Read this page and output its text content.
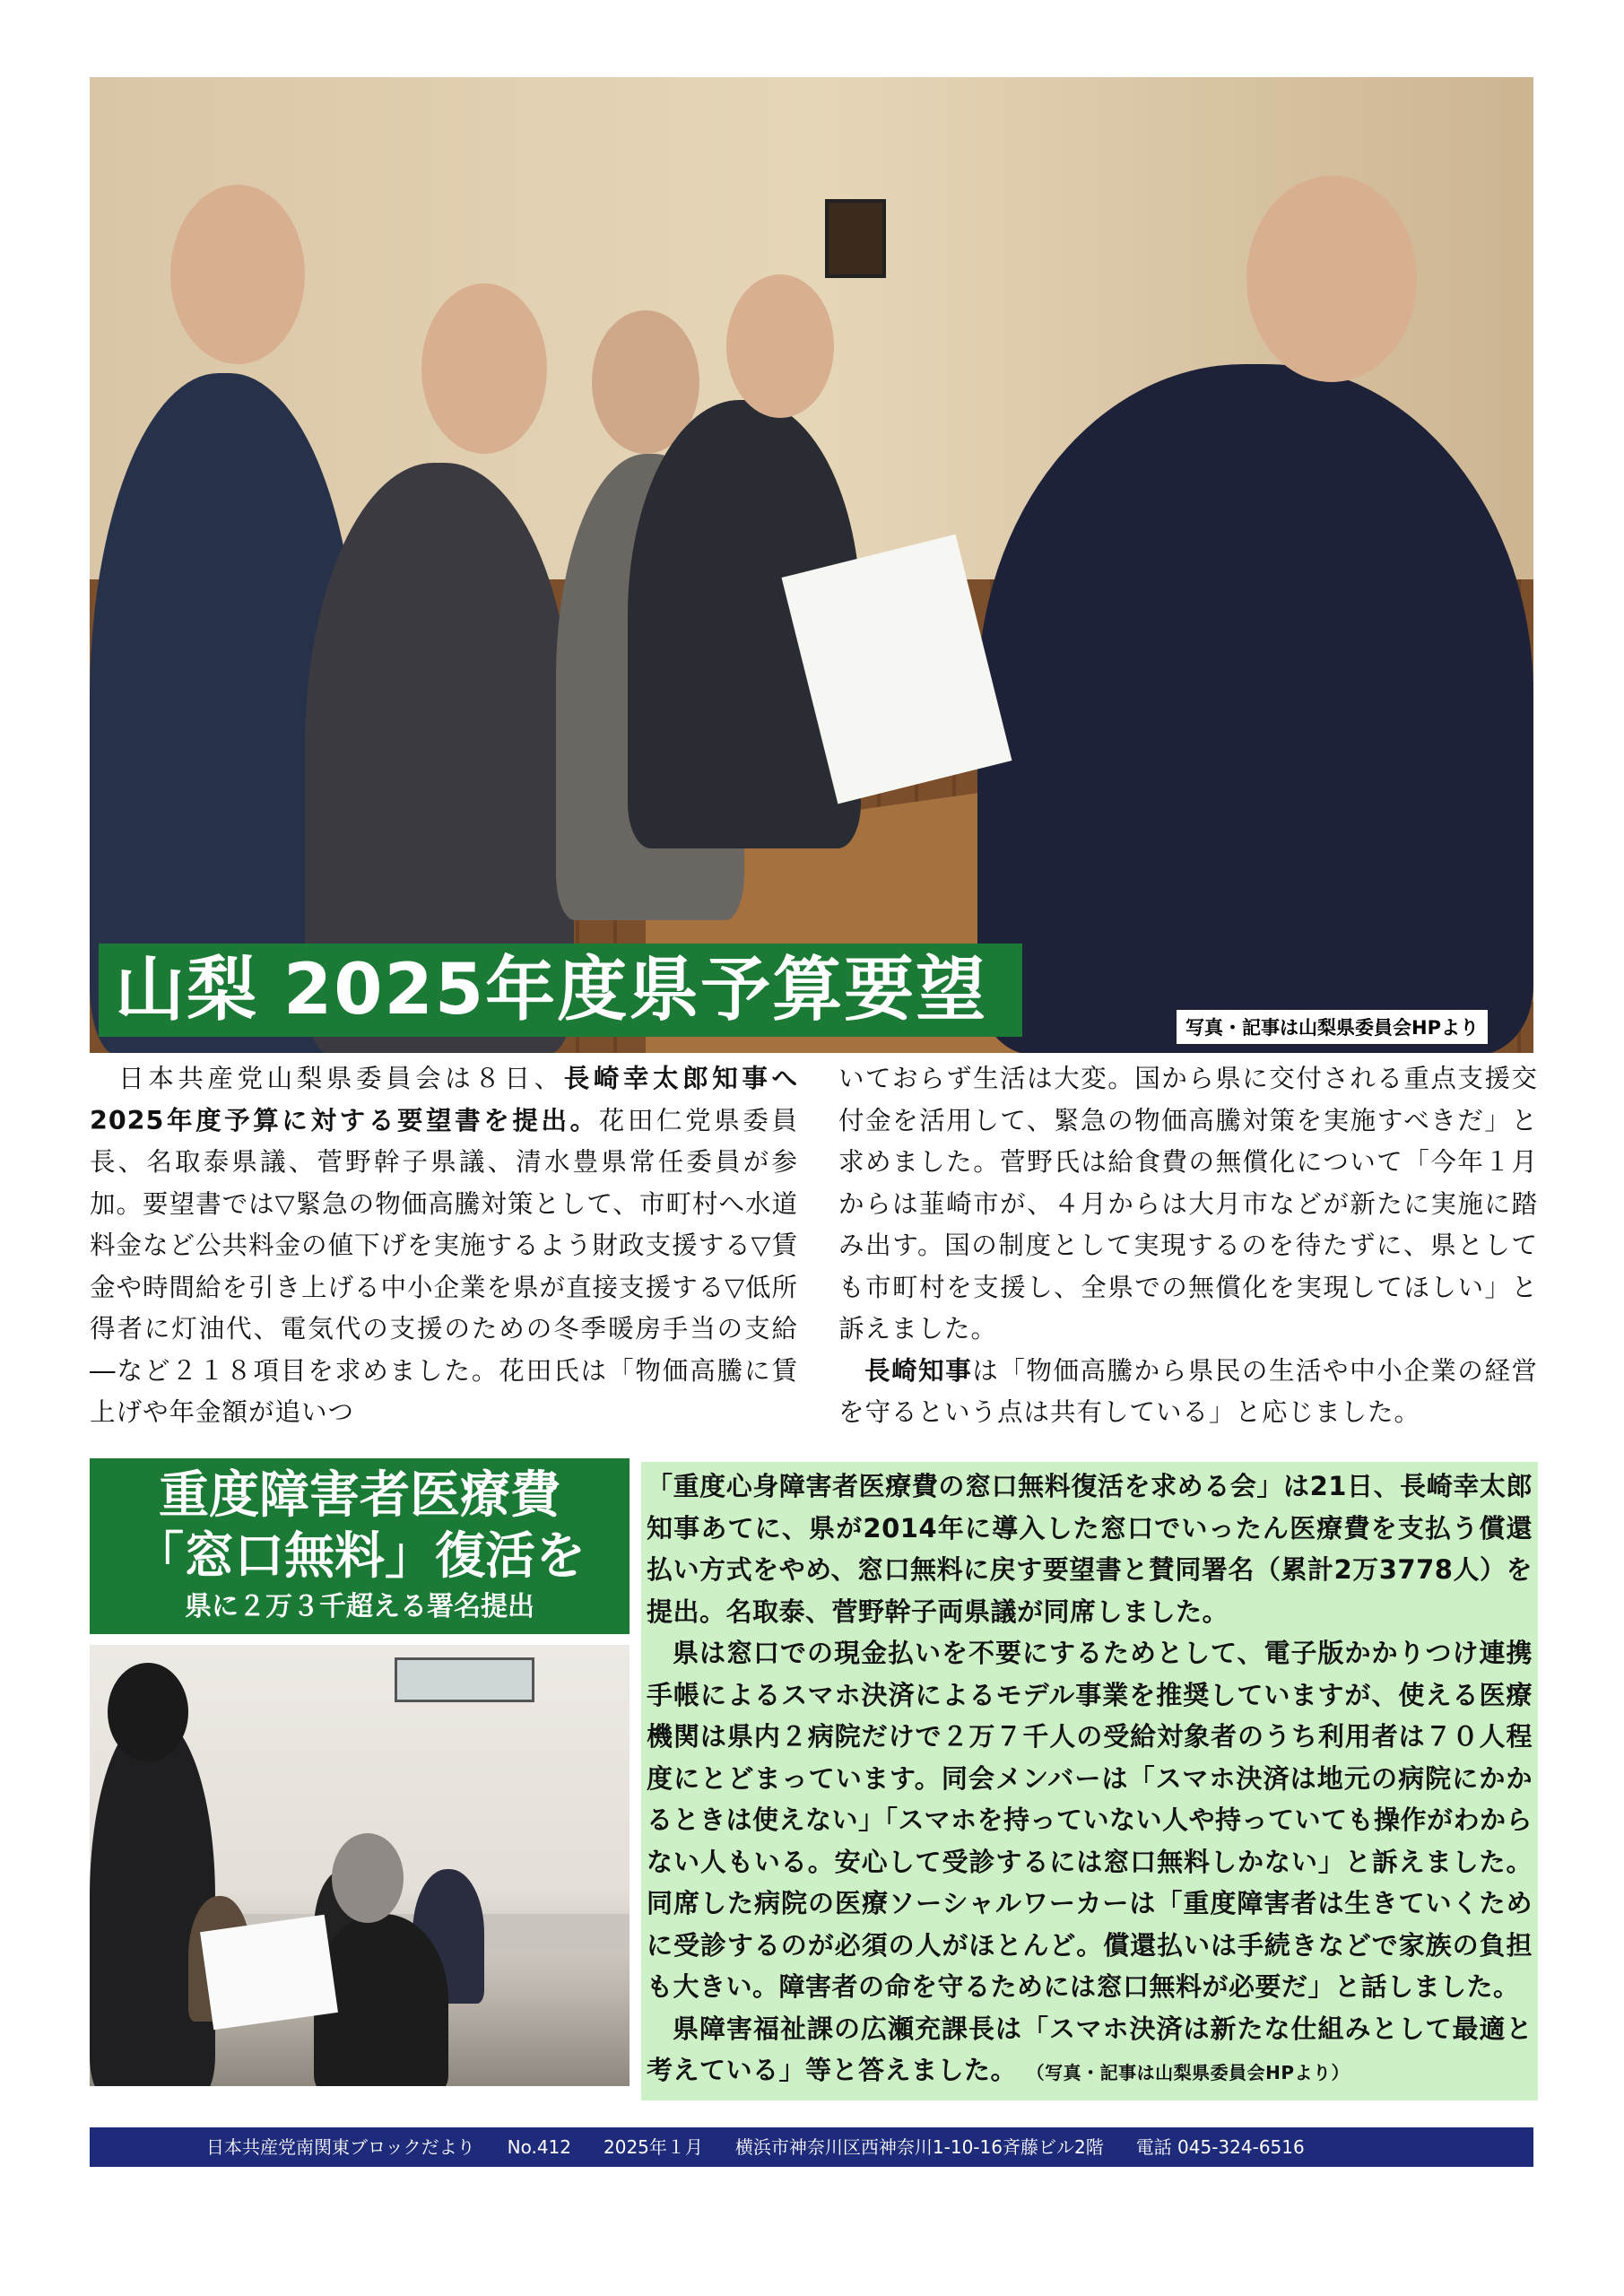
山梨 2025年度県予算要望	写真・記事は山梨県委員会HPより
日本共産党山梨県委員会は８日、長崎幸太郎知事へ2025年度予算に対する要望書を提出。花田仁党県委員長、名取泰県議、菅野幹子県議、清水豊県常任委員が参加。要望書では▽緊急の物価高騰対策として、市町村へ水道料金など公共料金の値下げを実施するよう財政支援する▽賃金や時間給を引き上げる中小企業を県が直接支援する▽低所得者に灯油代、電気代の支援のための冬季暖房手当の支給―など２１８項目を求めました。花田氏は「物価高騰に賃上げや年金額が追いつ
いておらず生活は大変。国から県に交付される重点支援交付金を活用して、緊急の物価高騰対策を実施すべきだ」と求めました。菅野氏は給食費の無償化について「今年１月からは韮崎市が、４月からは大月市などが新たに実施に踏み出す。国の制度として実現するのを待たずに、県としても市町村を支援し、全県での無償化を実現してほしい」と訴えました。
長崎知事は「物価高騰から県民の生活や中小企業の経営を守るという点は共有している」と応じました。
重度障害者医療費
「窓口無料」復活を
県に２万３千超える署名提出
「重度心身障害者医療費の窓口無料復活を求める会」は21日、長崎幸太郎知事あてに、県が2014年に導入した窓口でいったん医療費を支払う償還払い方式をやめ、窓口無料に戻す要望書と賛同署名（累計2万3778人）を提出。名取泰、菅野幹子両県議が同席しました。
県は窓口での現金払いを不要にするためとして、電子版かかりつけ連携手帳によるスマホ決済によるモデル事業を推奨していますが、使える医療機関は県内２病院だけで２万７千人の受給対象者のうち利用者は７０人程度にとどまっています。同会メンバーは「スマホ決済は地元の病院にかかるときは使えない」「スマホを持っていない人や持っていても操作がわからない人もいる。安心して受診するには窓口無料しかない」と訴えました。同席した病院の医療ソーシャルワーカーは「重度障害者は生きていくために受診するのが必須の人がほとんど。償還払いは手続きなどで家族の負担も大きい。障害者の命を守るためには窓口無料が必要だ」と話しました。
県障害福祉課の広瀬充課長は「スマホ決済は新たな仕組みとして最適と考えている」等と答えました。 （写真・記事は山梨県委員会HPより）
日本共産党南関東ブロックだより No.412 2025年１月 横浜市神奈川区西神奈川1-10-16斉藤ビル2階 電話 045-324-6516
